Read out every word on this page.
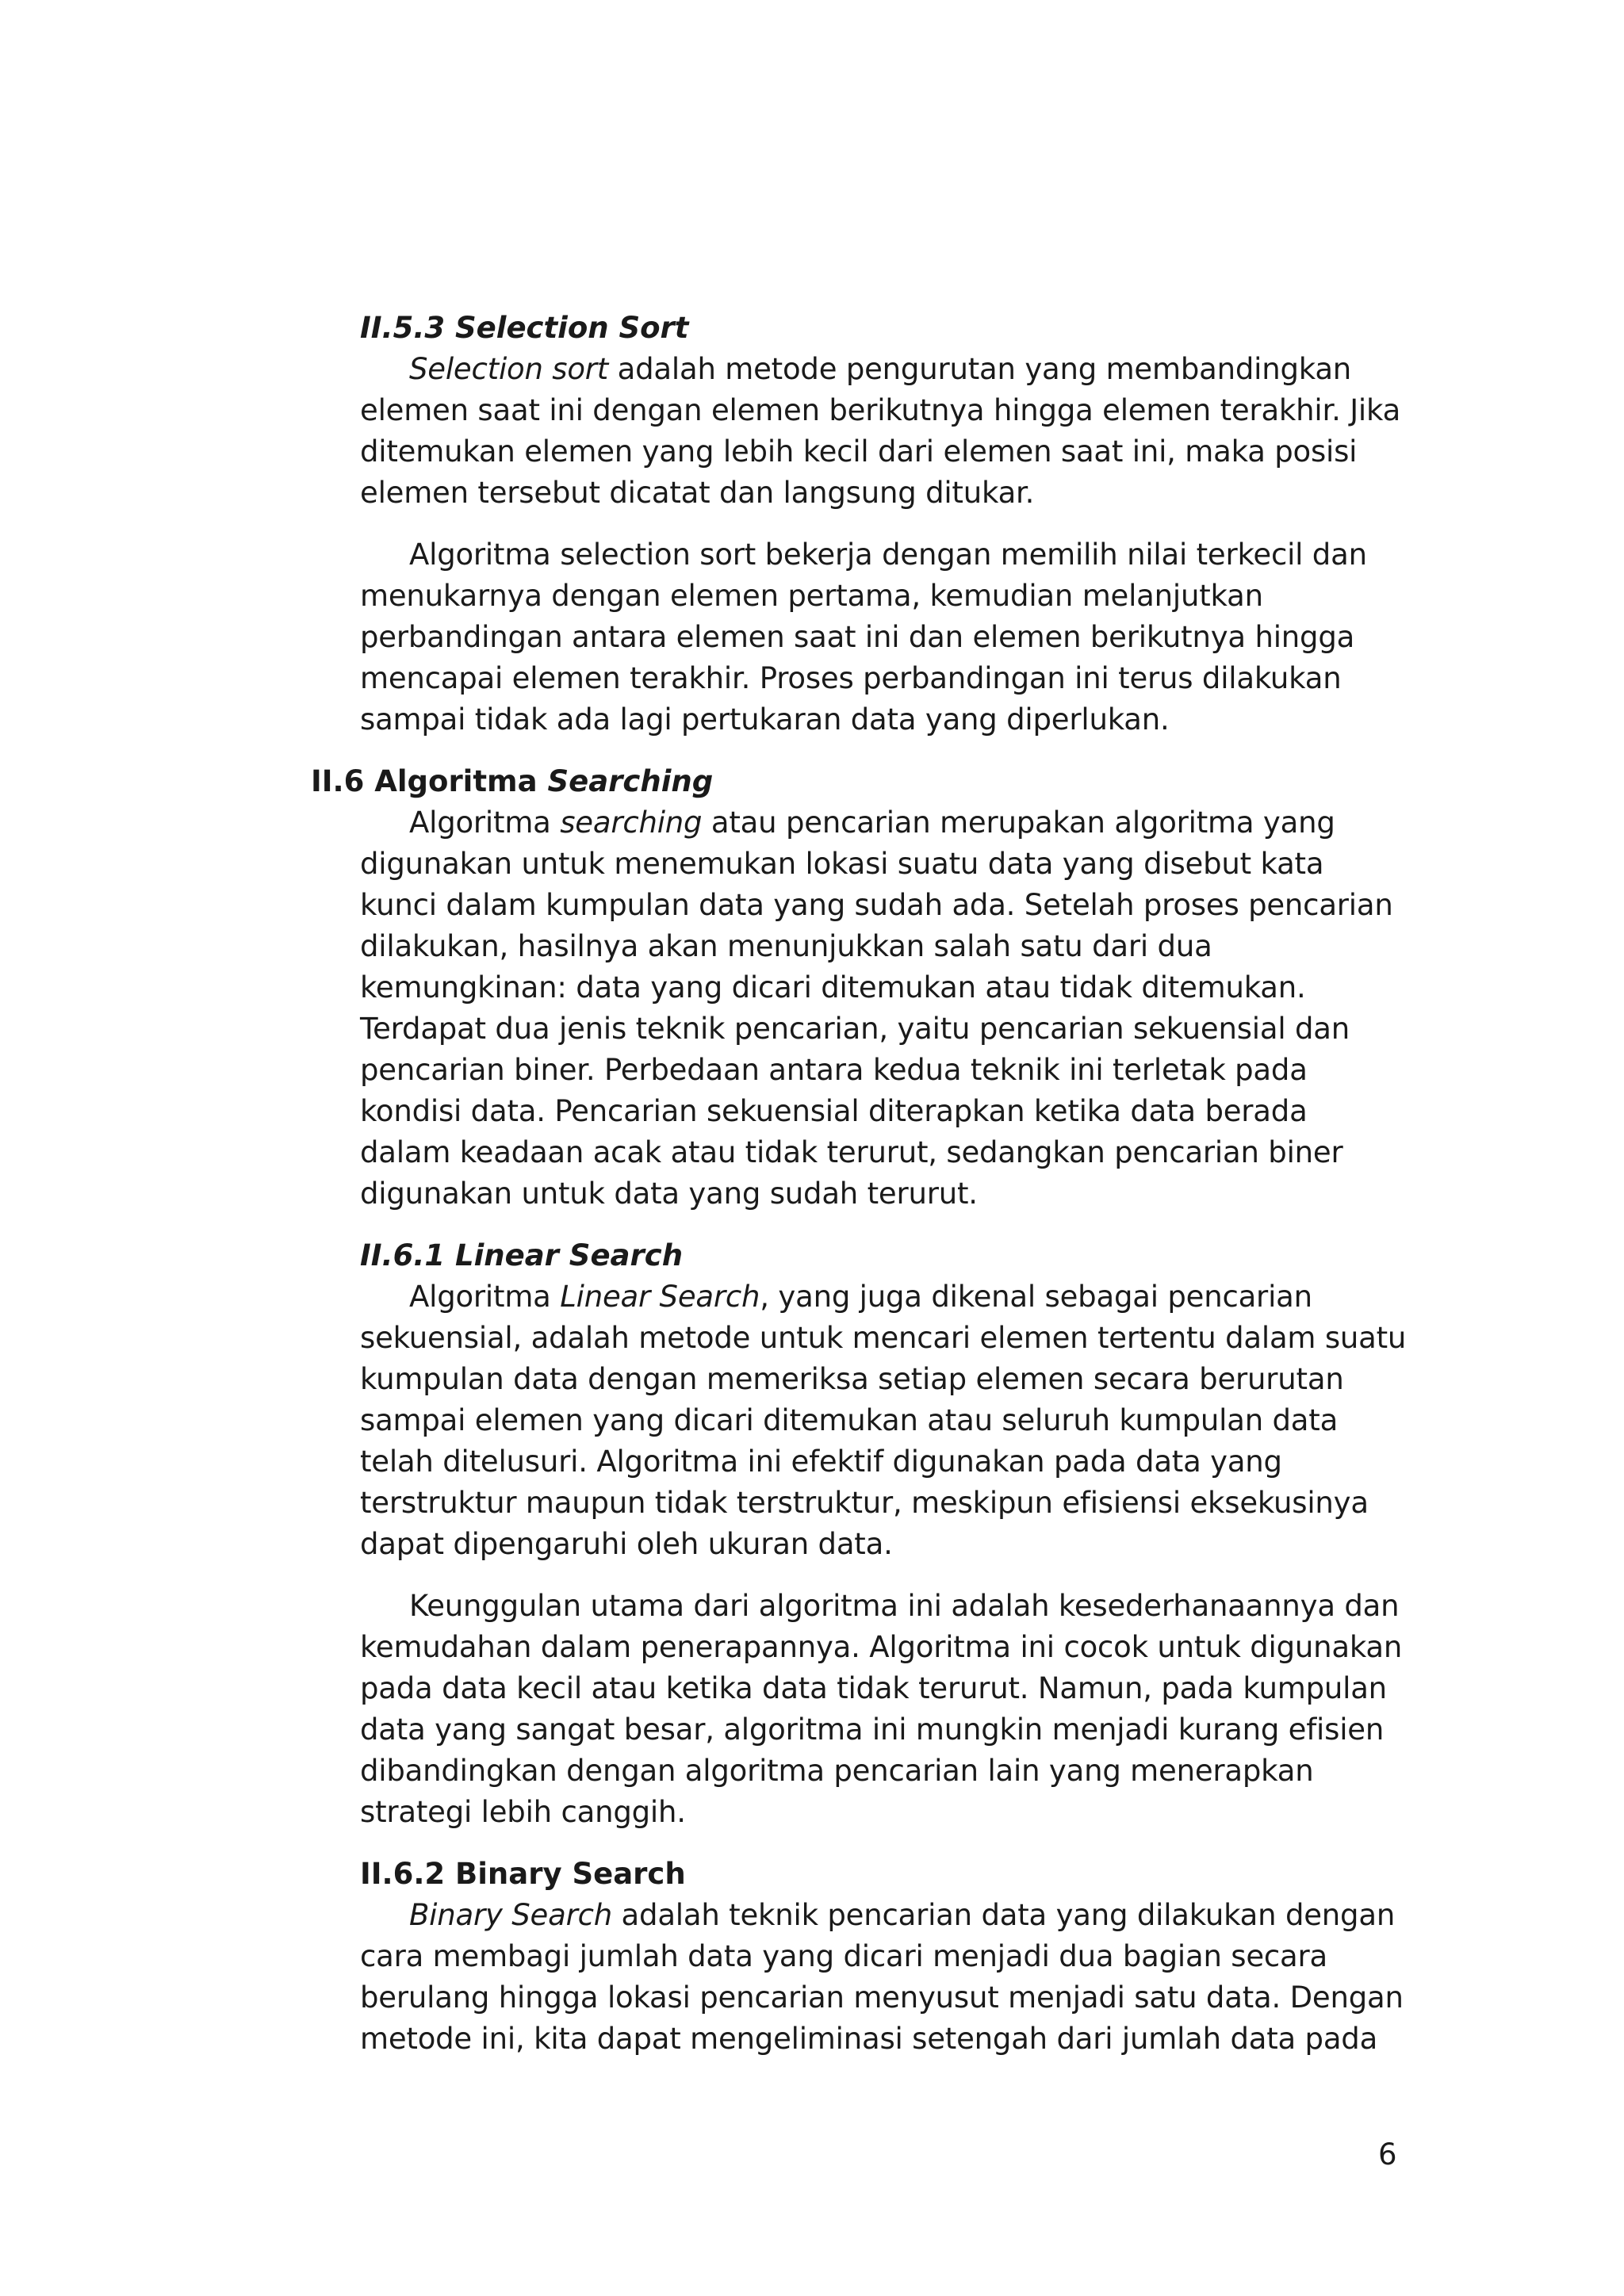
II.5.3 Selection Sort

Selection sort adalah metode pengurutan yang membandingkan elemen saat ini dengan elemen berikutnya hingga elemen terakhir. Jika ditemukan elemen yang lebih kecil dari elemen saat ini, maka posisi elemen tersebut dicatat dan langsung ditukar.

Algoritma selection sort bekerja dengan memilih nilai terkecil dan menukarnya dengan elemen pertama, kemudian melanjutkan perbandingan antara elemen saat ini dan elemen berikutnya hingga mencapai elemen terakhir. Proses perbandingan ini terus dilakukan sampai tidak ada lagi pertukaran data yang diperlukan.

II.6 Algoritma Searching

Algoritma searching atau pencarian merupakan algoritma yang digunakan untuk menemukan lokasi suatu data yang disebut kata kunci dalam kumpulan data yang sudah ada. Setelah proses pencarian dilakukan, hasilnya akan menunjukkan salah satu dari dua kemungkinan: data yang dicari ditemukan atau tidak ditemukan. Terdapat dua jenis teknik pencarian, yaitu pencarian sekuensial dan pencarian biner. Perbedaan antara kedua teknik ini terletak pada kondisi data. Pencarian sekuensial diterapkan ketika data berada dalam keadaan acak atau tidak terurut, sedangkan pencarian biner digunakan untuk data yang sudah terurut.

II.6.1 Linear Search

Algoritma Linear Search, yang juga dikenal sebagai pencarian sekuensial, adalah metode untuk mencari elemen tertentu dalam suatu kumpulan data dengan memeriksa setiap elemen secara berurutan sampai elemen yang dicari ditemukan atau seluruh kumpulan data telah ditelusuri. Algoritma ini efektif digunakan pada data yang terstruktur maupun tidak terstruktur, meskipun efisiensi eksekusinya dapat dipengaruhi oleh ukuran data.

Keunggulan utama dari algoritma ini adalah kesederhanaannya dan kemudahan dalam penerapannya. Algoritma ini cocok untuk digunakan pada data kecil atau ketika data tidak terurut. Namun, pada kumpulan data yang sangat besar, algoritma ini mungkin menjadi kurang efisien dibandingkan dengan algoritma pencarian lain yang menerapkan strategi lebih canggih.

II.6.2 Binary Search

Binary Search adalah teknik pencarian data yang dilakukan dengan cara membagi jumlah data yang dicari menjadi dua bagian secara berulang hingga lokasi pencarian menyusut menjadi satu data. Dengan metode ini, kita dapat mengeliminasi setengah dari jumlah data pada

6
